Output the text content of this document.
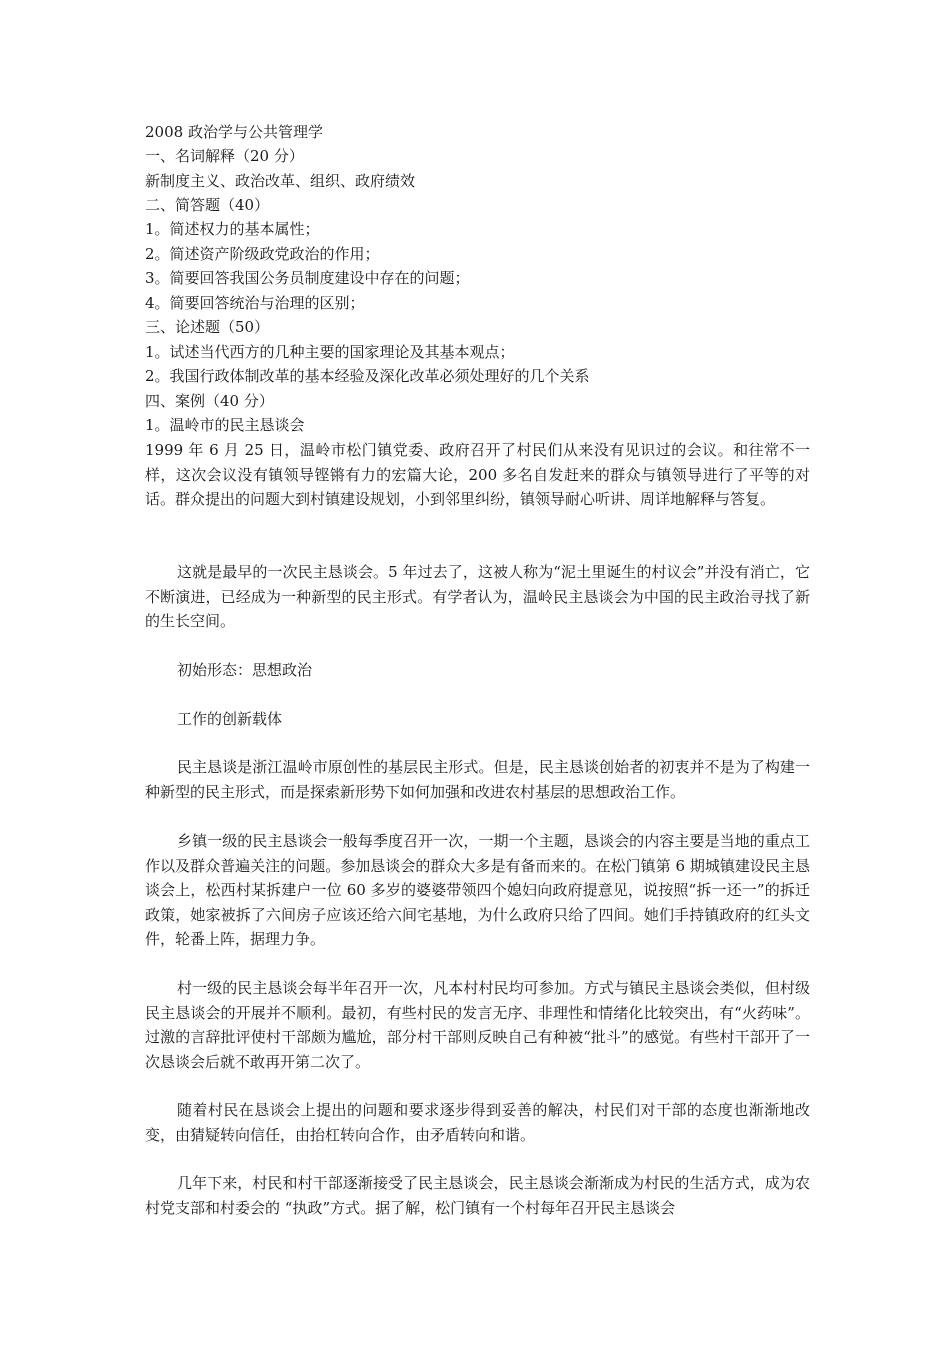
2008 政治学与公共管理学
一、名词解释（20 分）
新制度主义、政治改革、组织、政府绩效
二、简答题（40）
1。简述权力的基本属性；
2。简述资产阶级政党政治的作用；
3。简要回答我国公务员制度建设中存在的问题；
4。简要回答统治与治理的区别；
三、论述题（50）
1。试述当代西方的几种主要的国家理论及其基本观点；
2。我国行政体制改革的基本经验及深化改革必须处理好的几个关系
四、案例（40 分）
1。温岭市的民主恳谈会
1999 年 6 月 25 日，温岭市松门镇党委、政府召开了村民们从来没有见识过的会议。和往常不一样，这次会议没有镇领导铿锵有力的宏篇大论，200 多名自发赶来的群众与镇领导进行了平等的对话。群众提出的问题大到村镇建设规划，小到邻里纠纷，镇领导耐心听讲、周详地解释与答复。
这就是最早的一次民主恳谈会。5 年过去了，这被人称为“泥土里诞生的村议会”并没有消亡，它不断演进，已经成为一种新型的民主形式。有学者认为，温岭民主恳谈会为中国的民主政治寻找了新的生长空间。
初始形态：思想政治
工作的创新载体
民主恳谈是浙江温岭市原创性的基层民主形式。但是，民主恳谈创始者的初衷并不是为了构建一种新型的民主形式，而是探索新形势下如何加强和改进农村基层的思想政治工作。
乡镇一级的民主恳谈会一般每季度召开一次，一期一个主题，恳谈会的内容主要是当地的重点工作以及群众普遍关注的问题。参加恳谈会的群众大多是有备而来的。在松门镇第 6 期城镇建设民主恳谈会上，松西村某拆建户一位 60 多岁的婆婆带领四个媳妇向政府提意见，说按照“拆一还一”的拆迁政策，她家被拆了六间房子应该还给六间宅基地，为什么政府只给了四间。她们手持镇政府的红头文件，轮番上阵，据理力争。
村一级的民主恳谈会每半年召开一次，凡本村村民均可参加。方式与镇民主恳谈会类似，但村级民主恳谈会的开展并不顺利。最初，有些村民的发言无序、非理性和情绪化比较突出，有“火药味”。过激的言辞批评使村干部颇为尴尬，部分村干部则反映自己有种被“批斗”的感觉。有些村干部开了一次恳谈会后就不敢再开第二次了。
随着村民在恳谈会上提出的问题和要求逐步得到妥善的解决，村民们对干部的态度也渐渐地改变，由猜疑转向信任，由抬杠转向合作，由矛盾转向和谐。
几年下来，村民和村干部逐渐接受了民主恳谈会，民主恳谈会渐渐成为村民的生活方式，成为农村党支部和村委会的 “执政”方式。据了解，松门镇有一个村每年召开民主恳谈会
